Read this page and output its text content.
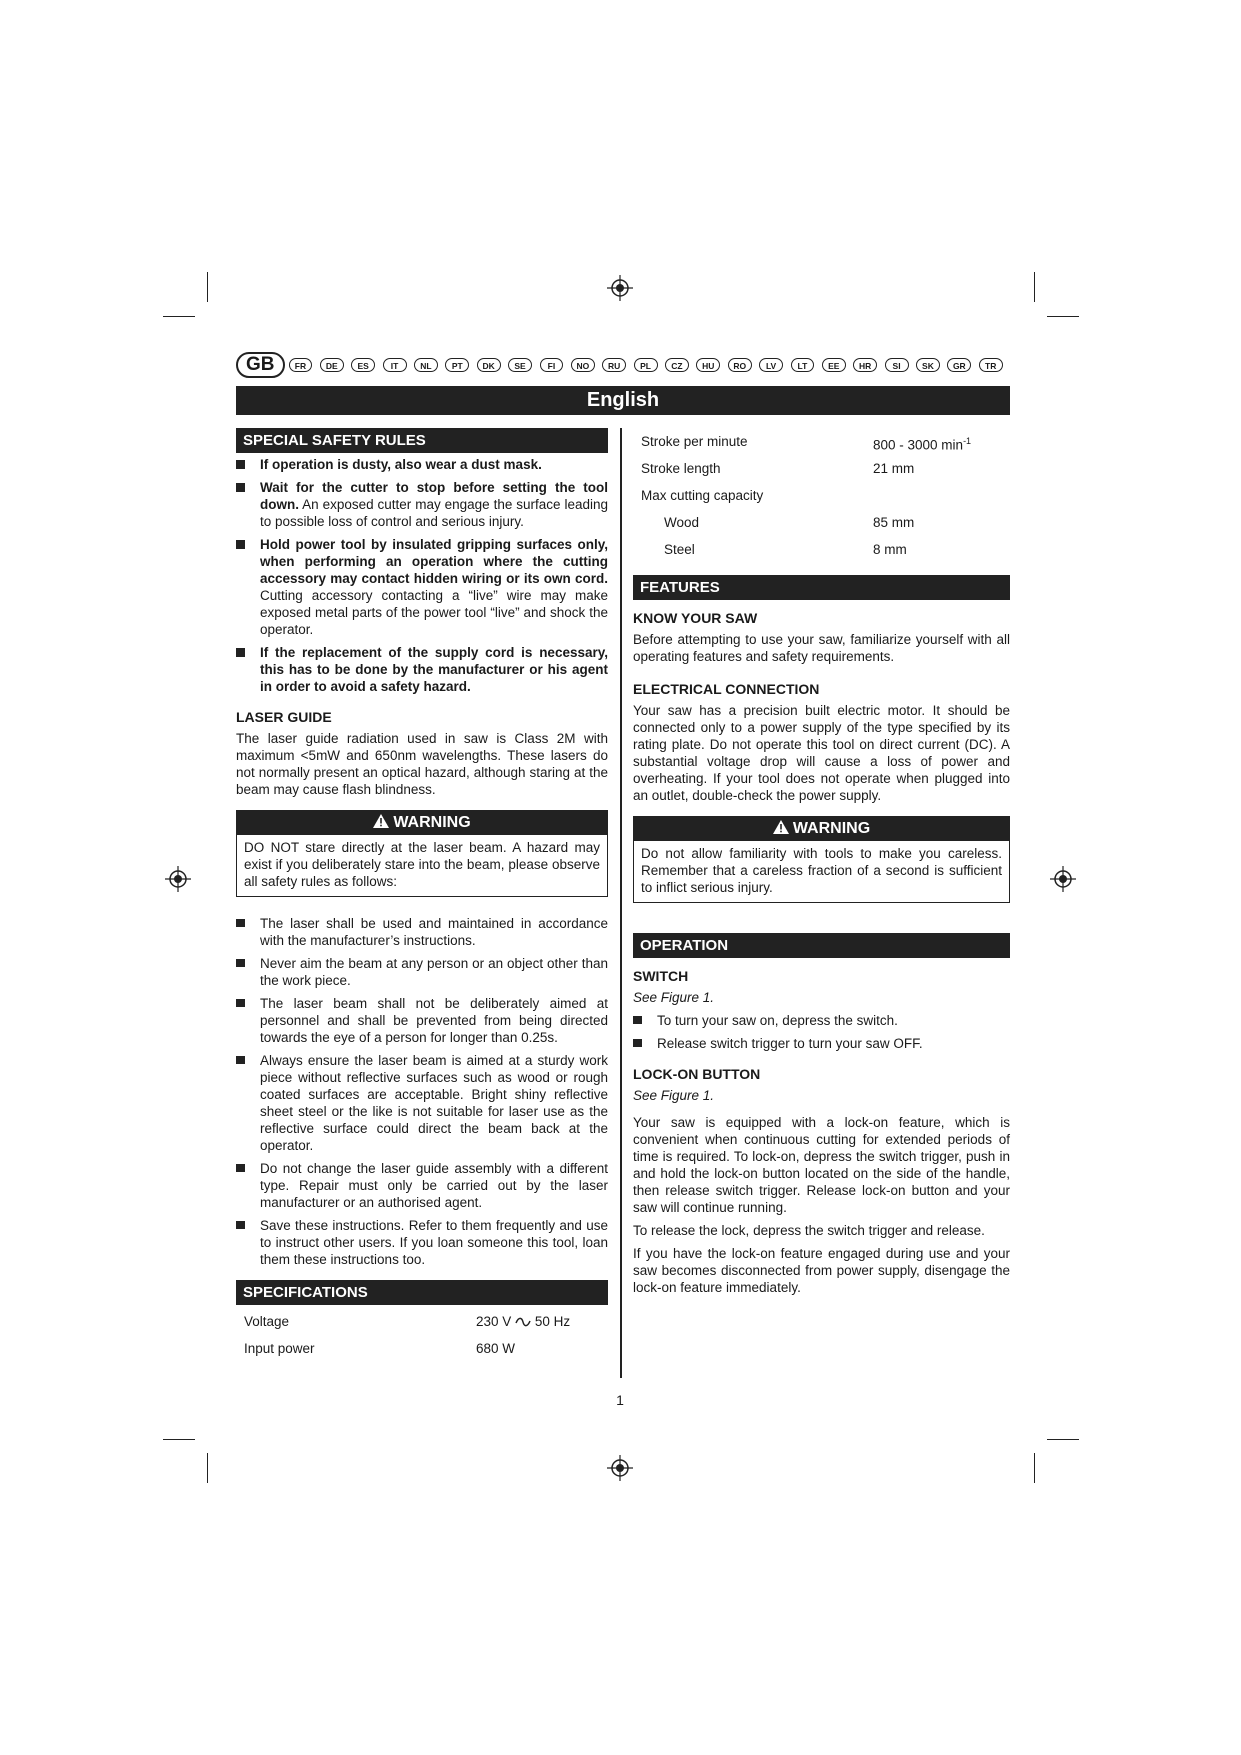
GB	FR	DE	ES	IT	NL	PT	DK	SE	FI	NO	RU	PL	CZ	HU	RO	LV	LT	EE	HR	SI	SK	GR	TR
English
SPECIAL SAFETY RULES
If operation is dusty, also wear a dust mask.
Wait for the cutter to stop before setting the tool down. An exposed cutter may engage the surface leading to possible loss of control and serious injury.
Hold power tool by insulated gripping surfaces only, when performing an operation where the cutting accessory may contact hidden wiring or its own cord. Cutting accessory contacting a “live” wire may make exposed metal parts of the power tool “live” and shock the operator.
If the replacement of the supply cord is necessary, this has to be done by the manufacturer or his agent in order to avoid a safety hazard.
LASER GUIDE

The laser guide radiation used in saw is Class 2M with maximum <5mW and 650nm wavelengths. These lasers do not normally present an optical hazard, although staring at the beam may cause flash blindness.

WARNING
DO NOT stare directly at the laser beam. A hazard may exist if you deliberately stare into the beam, please observe all safety rules as follows:
The laser shall be used and maintained in accordance with the manufacturer’s instructions.
Never aim the beam at any person or an object other than the work piece.
The laser beam shall not be deliberately aimed at personnel and shall be prevented from being directed towards the eye of a person for longer than 0.25s.
Always ensure the laser beam is aimed at a sturdy work piece without reflective surfaces such as wood or rough coated surfaces are acceptable. Bright shiny reflective sheet steel or the like is not suitable for laser use as the reflective surface could direct the beam back at the operator.
Do not change the laser guide assembly with a different type. Repair must only be carried out by the laser manufacturer or an authorised agent.
Save these instructions. Refer to them frequently and use to instruct other users. If you loan someone this tool, loan them these instructions too.
SPECIFICATIONS
Voltage	230 V 50 Hz
Input power	680 W
Stroke per minute	800 - 3000 $\min^{-1}$
Stroke length	21 mm
Max cutting capacity
Wood	85 mm
Steel	8 mm
FEATURES
KNOW YOUR SAW

Before attempting to use your saw, familiarize yourself with all operating features and safety requirements.

ELECTRICAL CONNECTION

Your saw has a precision built electric motor. It should be connected only to a power supply of the type specified by its rating plate. Do not operate this tool on direct current (DC). A substantial voltage drop will cause a loss of power and overheating. If your tool does not operate when plugged into an outlet, double-check the power supply.

WARNING
Do not allow familiarity with tools to make you careless. Remember that a careless fraction of a second is sufficient to inflict serious injury.
OPERATION
SWITCH

See Figure 1.

To turn your saw on, depress the switch.
Release switch trigger to turn your saw OFF.
LOCK-ON BUTTON

See Figure 1.

Your saw is equipped with a lock-on feature, which is convenient when continuous cutting for extended periods of time is required. To lock-on, depress the switch trigger, push in and hold the lock-on button located on the side of the handle, then release switch trigger. Release lock-on button and your saw will continue running.

To release the lock, depress the switch trigger and release.

If you have the lock-on feature engaged during use and your saw becomes disconnected from power supply, disengage the lock-on feature immediately.

1
